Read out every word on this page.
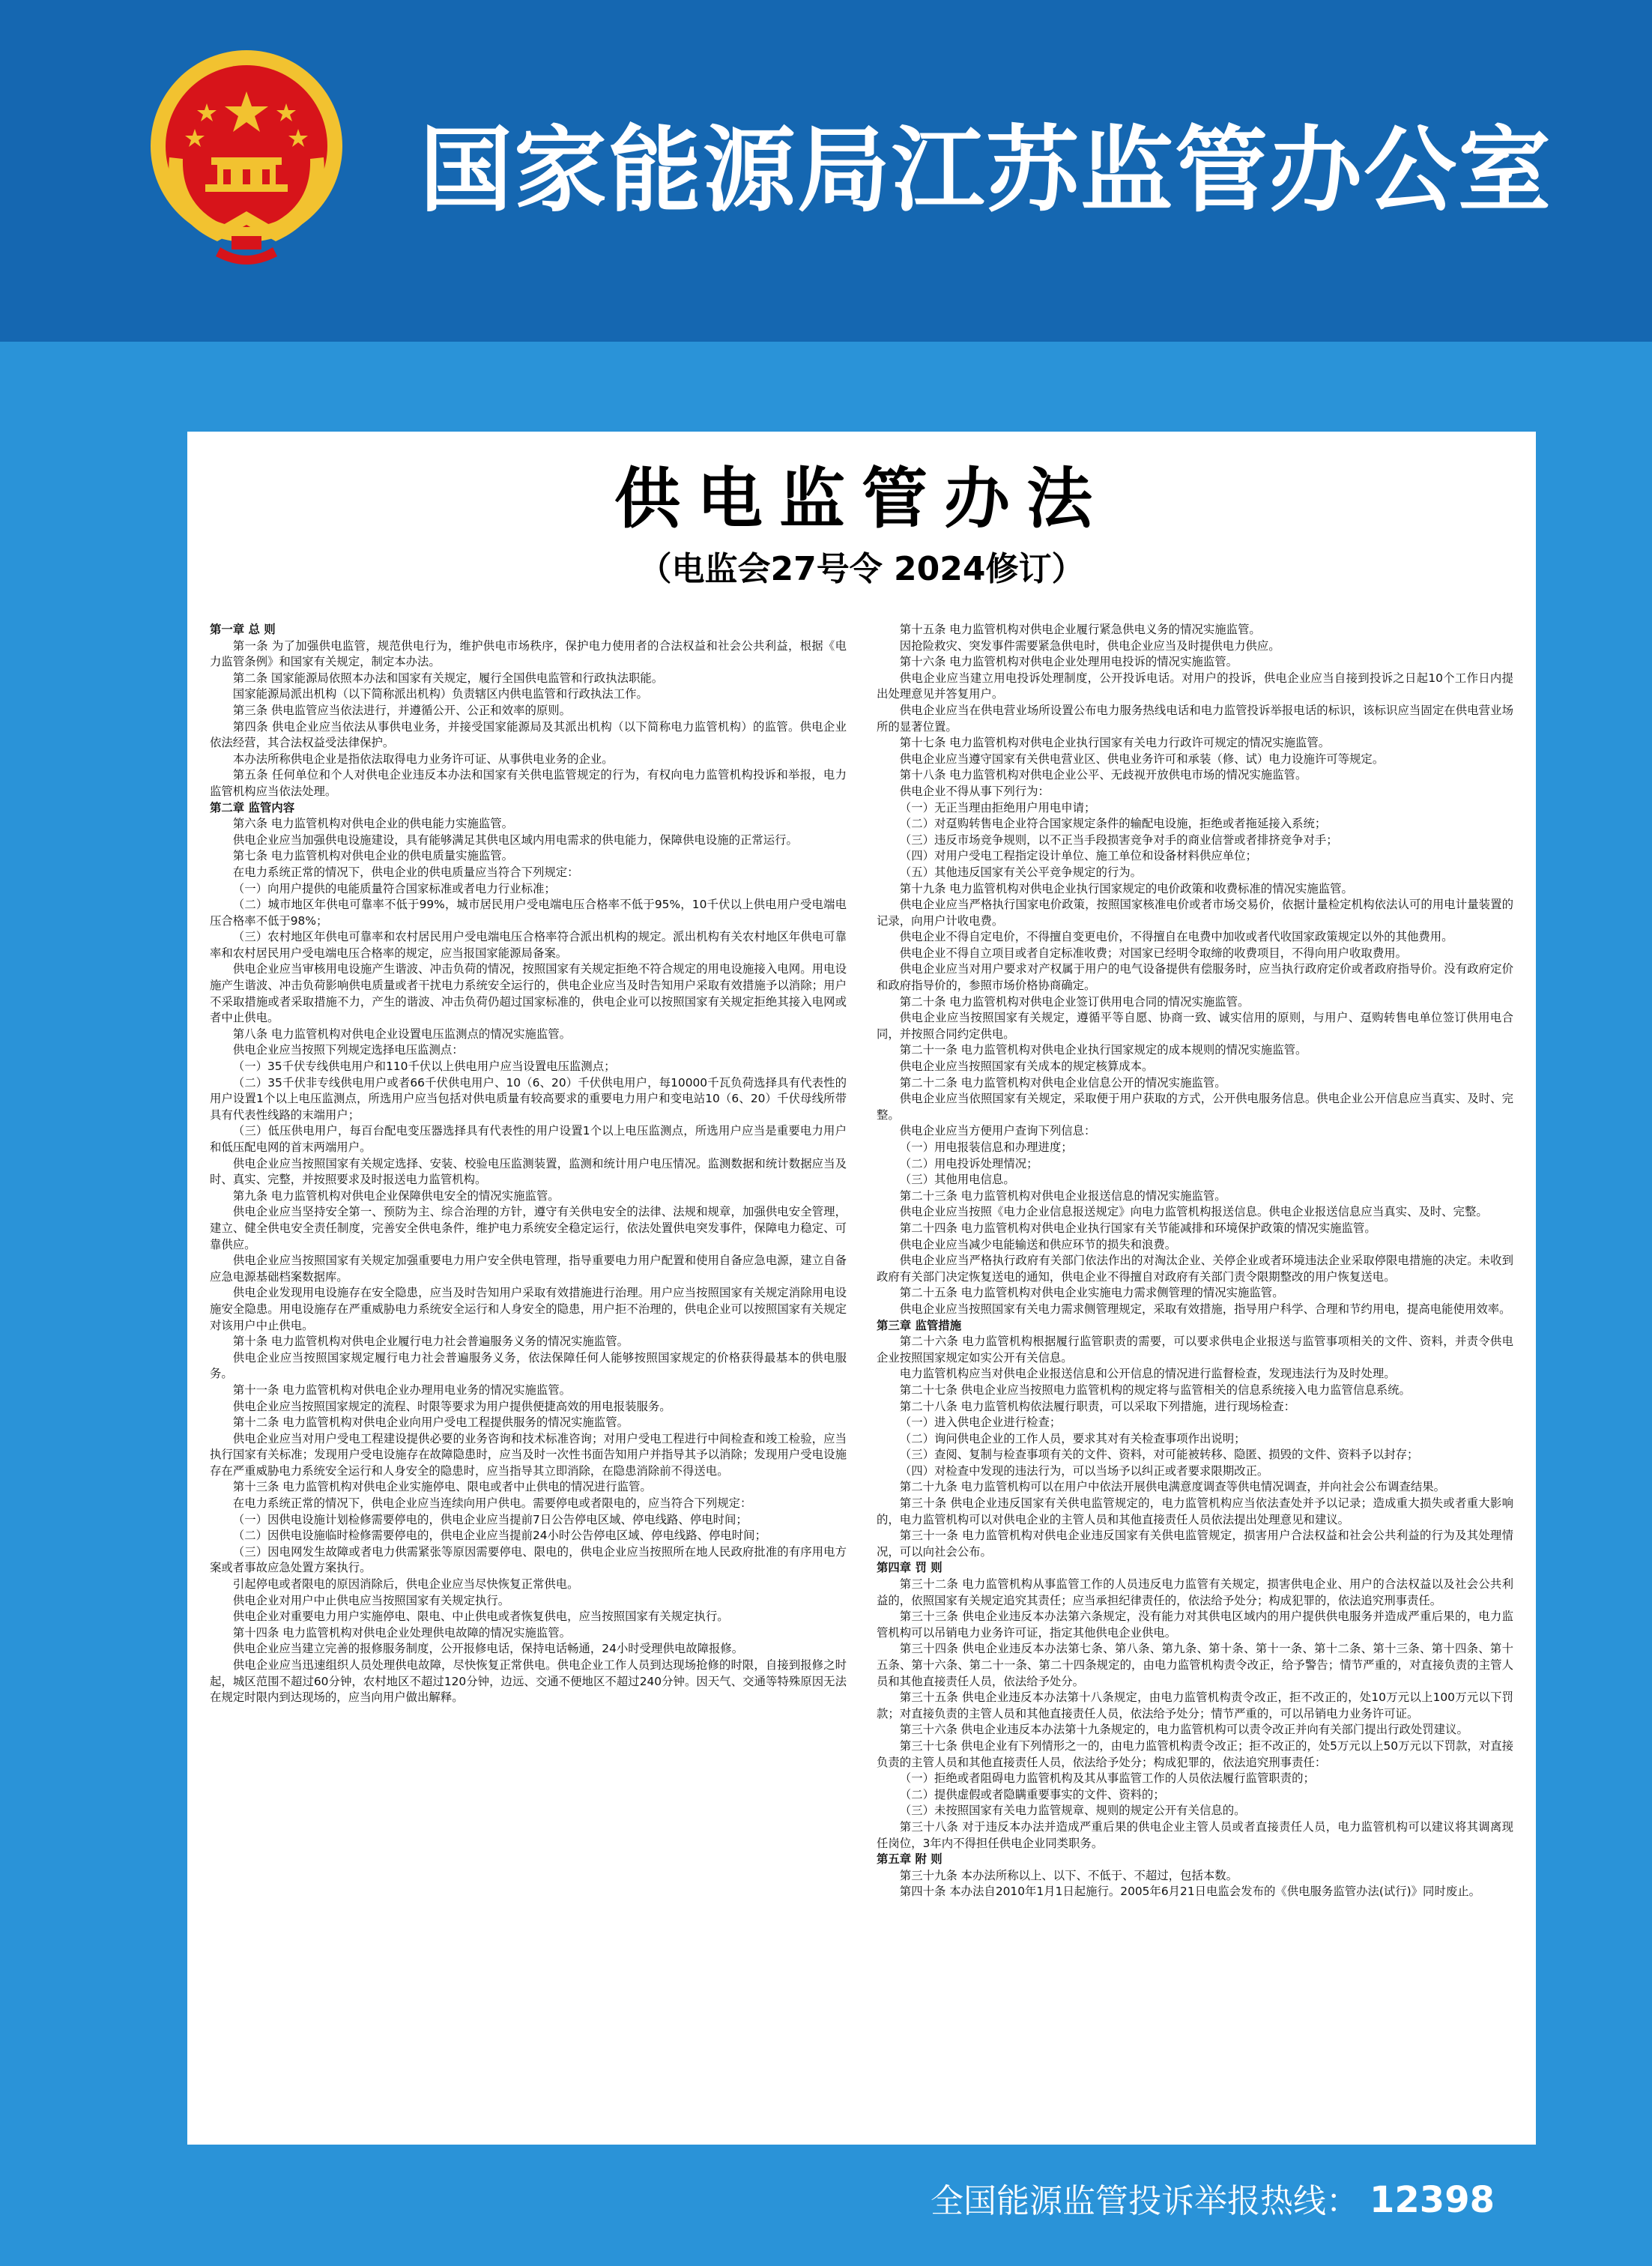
国家能源局江苏监管办公室
供电监管办法
（电监会27号令 2024修订）

第一章 总 则

第一条 为了加强供电监管，规范供电行为，维护供电市场秩序，保护电力使用者的合法权益和社会公共利益，根据《电力监管条例》和国家有关规定，制定本办法。

第二条 国家能源局依照本办法和国家有关规定，履行全国供电监管和行政执法职能。

国家能源局派出机构（以下简称派出机构）负责辖区内供电监管和行政执法工作。

第三条 供电监管应当依法进行，并遵循公开、公正和效率的原则。

第四条 供电企业应当依法从事供电业务，并接受国家能源局及其派出机构（以下简称电力监管机构）的监管。供电企业依法经营，其合法权益受法律保护。

本办法所称供电企业是指依法取得电力业务许可证、从事供电业务的企业。

第五条 任何单位和个人对供电企业违反本办法和国家有关供电监管规定的行为，有权向电力监管机构投诉和举报，电力监管机构应当依法处理。

第二章 监管内容

第六条 电力监管机构对供电企业的供电能力实施监管。

供电企业应当加强供电设施建设，具有能够满足其供电区域内用电需求的供电能力，保障供电设施的正常运行。

第七条 电力监管机构对供电企业的供电质量实施监管。

在电力系统正常的情况下，供电企业的供电质量应当符合下列规定：

（一）向用户提供的电能质量符合国家标准或者电力行业标准；

（二）城市地区年供电可靠率不低于99%，城市居民用户受电端电压合格率不低于95%，10千伏以上供电用户受电端电压合格率不低于98%；

（三）农村地区年供电可靠率和农村居民用户受电端电压合格率符合派出机构的规定。派出机构有关农村地区年供电可靠率和农村居民用户受电端电压合格率的规定，应当报国家能源局备案。

供电企业应当审核用电设施产生谐波、冲击负荷的情况，按照国家有关规定拒绝不符合规定的用电设施接入电网。用电设施产生谐波、冲击负荷影响供电质量或者干扰电力系统安全运行的，供电企业应当及时告知用户采取有效措施予以消除；用户不采取措施或者采取措施不力，产生的谐波、冲击负荷仍超过国家标准的，供电企业可以按照国家有关规定拒绝其接入电网或者中止供电。

第八条 电力监管机构对供电企业设置电压监测点的情况实施监管。

供电企业应当按照下列规定选择电压监测点：

（一）35千伏专线供电用户和110千伏以上供电用户应当设置电压监测点；

（二）35千伏非专线供电用户或者66千伏供电用户、10（6、20）千伏供电用户，每10000千瓦负荷选择具有代表性的用户设置1个以上电压监测点，所选用户应当包括对供电质量有较高要求的重要电力用户和变电站10（6、20）千伏母线所带具有代表性线路的末端用户；

（三）低压供电用户，每百台配电变压器选择具有代表性的用户设置1个以上电压监测点，所选用户应当是重要电力用户和低压配电网的首末两端用户。

供电企业应当按照国家有关规定选择、安装、校验电压监测装置，监测和统计用户电压情况。监测数据和统计数据应当及时、真实、完整，并按照要求及时报送电力监管机构。

第九条 电力监管机构对供电企业保障供电安全的情况实施监管。

供电企业应当坚持安全第一、预防为主、综合治理的方针，遵守有关供电安全的法律、法规和规章，加强供电安全管理，建立、健全供电安全责任制度，完善安全供电条件，维护电力系统安全稳定运行，依法处置供电突发事件，保障电力稳定、可靠供应。

供电企业应当按照国家有关规定加强重要电力用户安全供电管理，指导重要电力用户配置和使用自备应急电源，建立自备应急电源基础档案数据库。

供电企业发现用电设施存在安全隐患，应当及时告知用户采取有效措施进行治理。用户应当按照国家有关规定消除用电设施安全隐患。用电设施存在严重威胁电力系统安全运行和人身安全的隐患，用户拒不治理的，供电企业可以按照国家有关规定对该用户中止供电。

第十条 电力监管机构对供电企业履行电力社会普遍服务义务的情况实施监管。

供电企业应当按照国家规定履行电力社会普遍服务义务，依法保障任何人能够按照国家规定的价格获得最基本的供电服务。

第十一条 电力监管机构对供电企业办理用电业务的情况实施监管。

供电企业应当按照国家规定的流程、时限等要求为用户提供便捷高效的用电报装服务。

第十二条 电力监管机构对供电企业向用户受电工程提供服务的情况实施监管。

供电企业应当对用户受电工程建设提供必要的业务咨询和技术标准咨询；对用户受电工程进行中间检查和竣工检验，应当执行国家有关标准；发现用户受电设施存在故障隐患时，应当及时一次性书面告知用户并指导其予以消除；发现用户受电设施存在严重威胁电力系统安全运行和人身安全的隐患时，应当指导其立即消除，在隐患消除前不得送电。

第十三条 电力监管机构对供电企业实施停电、限电或者中止供电的情况进行监管。

在电力系统正常的情况下，供电企业应当连续向用户供电。需要停电或者限电的，应当符合下列规定：

（一）因供电设施计划检修需要停电的，供电企业应当提前7日公告停电区域、停电线路、停电时间；

（二）因供电设施临时检修需要停电的，供电企业应当提前24小时公告停电区域、停电线路、停电时间；

（三）因电网发生故障或者电力供需紧张等原因需要停电、限电的，供电企业应当按照所在地人民政府批准的有序用电方案或者事故应急处置方案执行。

引起停电或者限电的原因消除后，供电企业应当尽快恢复正常供电。

供电企业对用户中止供电应当按照国家有关规定执行。

供电企业对重要电力用户实施停电、限电、中止供电或者恢复供电，应当按照国家有关规定执行。

第十四条 电力监管机构对供电企业处理供电故障的情况实施监管。

供电企业应当建立完善的报修服务制度，公开报修电话，保持电话畅通，24小时受理供电故障报修。

供电企业应当迅速组织人员处理供电故障，尽快恢复正常供电。供电企业工作人员到达现场抢修的时限，自接到报修之时起，城区范围不超过60分钟，农村地区不超过120分钟，边远、交通不便地区不超过240分钟。因天气、交通等特殊原因无法在规定时限内到达现场的，应当向用户做出解释。

第十五条 电力监管机构对供电企业履行紧急供电义务的情况实施监管。

因抢险救灾、突发事件需要紧急供电时，供电企业应当及时提供电力供应。

第十六条 电力监管机构对供电企业处理用电投诉的情况实施监管。

供电企业应当建立用电投诉处理制度，公开投诉电话。对用户的投诉，供电企业应当自接到投诉之日起10个工作日内提出处理意见并答复用户。

供电企业应当在供电营业场所设置公布电力服务热线电话和电力监管投诉举报电话的标识，该标识应当固定在供电营业场所的显著位置。

第十七条 电力监管机构对供电企业执行国家有关电力行政许可规定的情况实施监管。

供电企业应当遵守国家有关供电营业区、供电业务许可和承装（修、试）电力设施许可等规定。

第十八条 电力监管机构对供电企业公平、无歧视开放供电市场的情况实施监管。

供电企业不得从事下列行为：

（一）无正当理由拒绝用户用电申请；

（二）对趸购转售电企业符合国家规定条件的输配电设施，拒绝或者拖延接入系统；

（三）违反市场竞争规则，以不正当手段损害竞争对手的商业信誉或者排挤竞争对手；

（四）对用户受电工程指定设计单位、施工单位和设备材料供应单位；

（五）其他违反国家有关公平竞争规定的行为。

第十九条 电力监管机构对供电企业执行国家规定的电价政策和收费标准的情况实施监管。

供电企业应当严格执行国家电价政策，按照国家核准电价或者市场交易价，依据计量检定机构依法认可的用电计量装置的记录，向用户计收电费。

供电企业不得自定电价，不得擅自变更电价，不得擅自在电费中加收或者代收国家政策规定以外的其他费用。

供电企业不得自立项目或者自定标准收费；对国家已经明令取缔的收费项目，不得向用户收取费用。

供电企业应当对用户要求对产权属于用户的电气设备提供有偿服务时，应当执行政府定价或者政府指导价。没有政府定价和政府指导价的，参照市场价格协商确定。

第二十条 电力监管机构对供电企业签订供用电合同的情况实施监管。

供电企业应当按照国家有关规定，遵循平等自愿、协商一致、诚实信用的原则，与用户、趸购转售电单位签订供用电合同，并按照合同约定供电。

第二十一条 电力监管机构对供电企业执行国家规定的成本规则的情况实施监管。

供电企业应当按照国家有关成本的规定核算成本。

第二十二条 电力监管机构对供电企业信息公开的情况实施监管。

供电企业应当依照国家有关规定，采取便于用户获取的方式，公开供电服务信息。供电企业公开信息应当真实、及时、完整。

供电企业应当方便用户查询下列信息：

（一）用电报装信息和办理进度；

（二）用电投诉处理情况；

（三）其他用电信息。

第二十三条 电力监管机构对供电企业报送信息的情况实施监管。

供电企业应当按照《电力企业信息报送规定》向电力监管机构报送信息。供电企业报送信息应当真实、及时、完整。

第二十四条 电力监管机构对供电企业执行国家有关节能减排和环境保护政策的情况实施监管。

供电企业应当减少电能输送和供应环节的损失和浪费。

供电企业应当严格执行政府有关部门依法作出的对淘汰企业、关停企业或者环境违法企业采取停限电措施的决定。未收到政府有关部门决定恢复送电的通知，供电企业不得擅自对政府有关部门责令限期整改的用户恢复送电。

第二十五条 电力监管机构对供电企业实施电力需求侧管理的情况实施监管。

供电企业应当按照国家有关电力需求侧管理规定，采取有效措施，指导用户科学、合理和节约用电，提高电能使用效率。

第三章 监管措施

第二十六条 电力监管机构根据履行监管职责的需要，可以要求供电企业报送与监管事项相关的文件、资料，并责令供电企业按照国家规定如实公开有关信息。

电力监管机构应当对供电企业报送信息和公开信息的情况进行监督检查，发现违法行为及时处理。

第二十七条 供电企业应当按照电力监管机构的规定将与监管相关的信息系统接入电力监管信息系统。

第二十八条 电力监管机构依法履行职责，可以采取下列措施，进行现场检查：

（一）进入供电企业进行检查；

（二）询问供电企业的工作人员，要求其对有关检查事项作出说明；

（三）查阅、复制与检查事项有关的文件、资料，对可能被转移、隐匿、损毁的文件、资料予以封存；

（四）对检查中发现的违法行为，可以当场予以纠正或者要求限期改正。

第二十九条 电力监管机构可以在用户中依法开展供电满意度调查等供电情况调查，并向社会公布调查结果。

第三十条 供电企业违反国家有关供电监管规定的，电力监管机构应当依法查处并予以记录；造成重大损失或者重大影响的，电力监管机构可以对供电企业的主管人员和其他直接责任人员依法提出处理意见和建议。

第三十一条 电力监管机构对供电企业违反国家有关供电监管规定，损害用户合法权益和社会公共利益的行为及其处理情况，可以向社会公布。

第四章 罚 则

第三十二条 电力监管机构从事监管工作的人员违反电力监管有关规定，损害供电企业、用户的合法权益以及社会公共利益的，依照国家有关规定追究其责任；应当承担纪律责任的，依法给予处分；构成犯罪的，依法追究刑事责任。

第三十三条 供电企业违反本办法第六条规定，没有能力对其供电区域内的用户提供供电服务并造成严重后果的，电力监管机构可以吊销电力业务许可证，指定其他供电企业供电。

第三十四条 供电企业违反本办法第七条、第八条、第九条、第十条、第十一条、第十二条、第十三条、第十四条、第十五条、第十六条、第二十一条、第二十四条规定的，由电力监管机构责令改正，给予警告；情节严重的，对直接负责的主管人员和其他直接责任人员，依法给予处分。

第三十五条 供电企业违反本办法第十八条规定，由电力监管机构责令改正，拒不改正的，处10万元以上100万元以下罚款；对直接负责的主管人员和其他直接责任人员，依法给予处分；情节严重的，可以吊销电力业务许可证。

第三十六条 供电企业违反本办法第十九条规定的，电力监管机构可以责令改正并向有关部门提出行政处罚建议。

第三十七条 供电企业有下列情形之一的，由电力监管机构责令改正；拒不改正的，处5万元以上50万元以下罚款，对直接负责的主管人员和其他直接责任人员，依法给予处分；构成犯罪的，依法追究刑事责任：

（一）拒绝或者阻碍电力监管机构及其从事监管工作的人员依法履行监管职责的；

（二）提供虚假或者隐瞒重要事实的文件、资料的；

（三）未按照国家有关电力监管规章、规则的规定公开有关信息的。

第三十八条 对于违反本办法并造成严重后果的供电企业主管人员或者直接责任人员，电力监管机构可以建议将其调离现任岗位，3年内不得担任供电企业同类职务。

第五章 附 则

第三十九条 本办法所称以上、以下、不低于、不超过，包括本数。

第四十条 本办法自2010年1月1日起施行。2005年6月21日电监会发布的《供电服务监管办法(试行)》同时废止。

全国能源监管投诉举报热线： 12398
